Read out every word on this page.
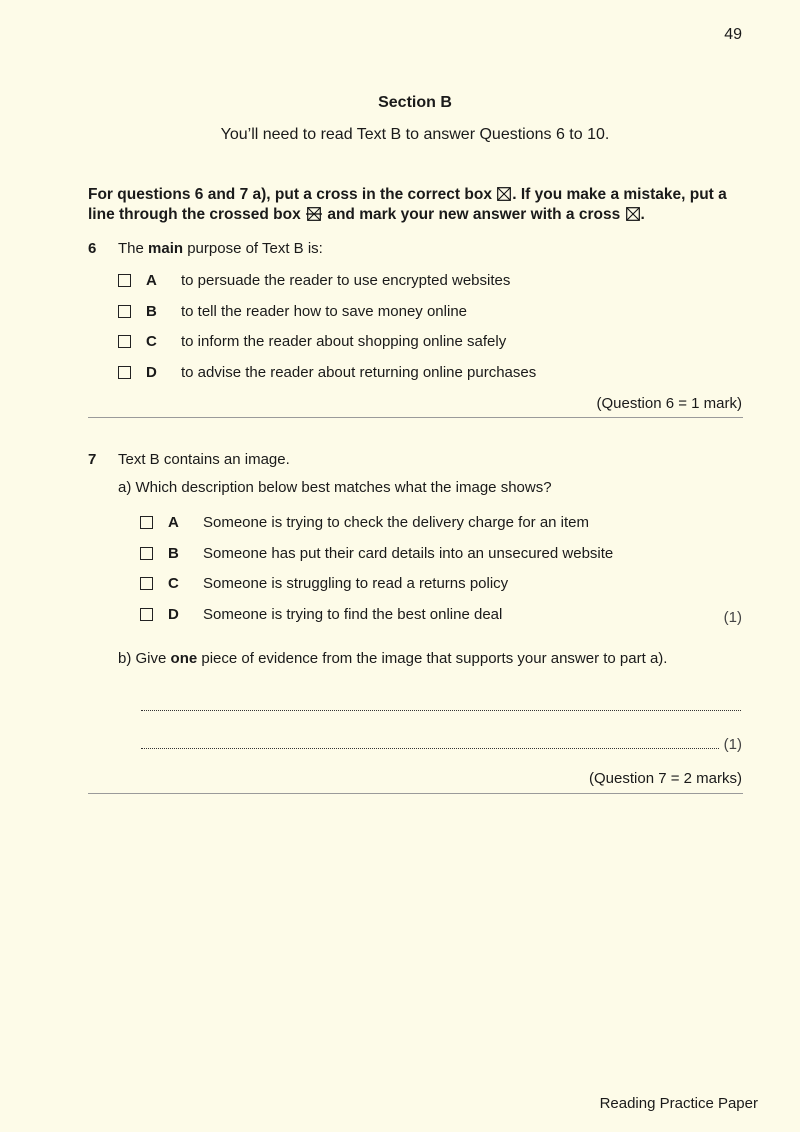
49
Section B
You’ll need to read Text B to answer Questions 6 to 10.
For questions 6 and 7 a), put a cross in the correct box ☒. If you make a mistake, put a line through the crossed box and mark your new answer with a cross ☒.
6 The main purpose of Text B is:
A	to persuade the reader to use encrypted websites
B	to tell the reader how to save money online
C	to inform the reader about shopping online safely
D	to advise the reader about returning online purchases
(Question 6 = 1 mark)
7 Text B contains an image.
a) Which description below best matches what the image shows?
A	Someone is trying to check the delivery charge for an item
B	Someone has put their card details into an unsecured website
C	Someone is struggling to read a returns policy
D	Someone is trying to find the best online deal	(1)
b) Give one piece of evidence from the image that supports your answer to part a).
(1)
(Question 7 = 2 marks)
Reading Practice Paper
